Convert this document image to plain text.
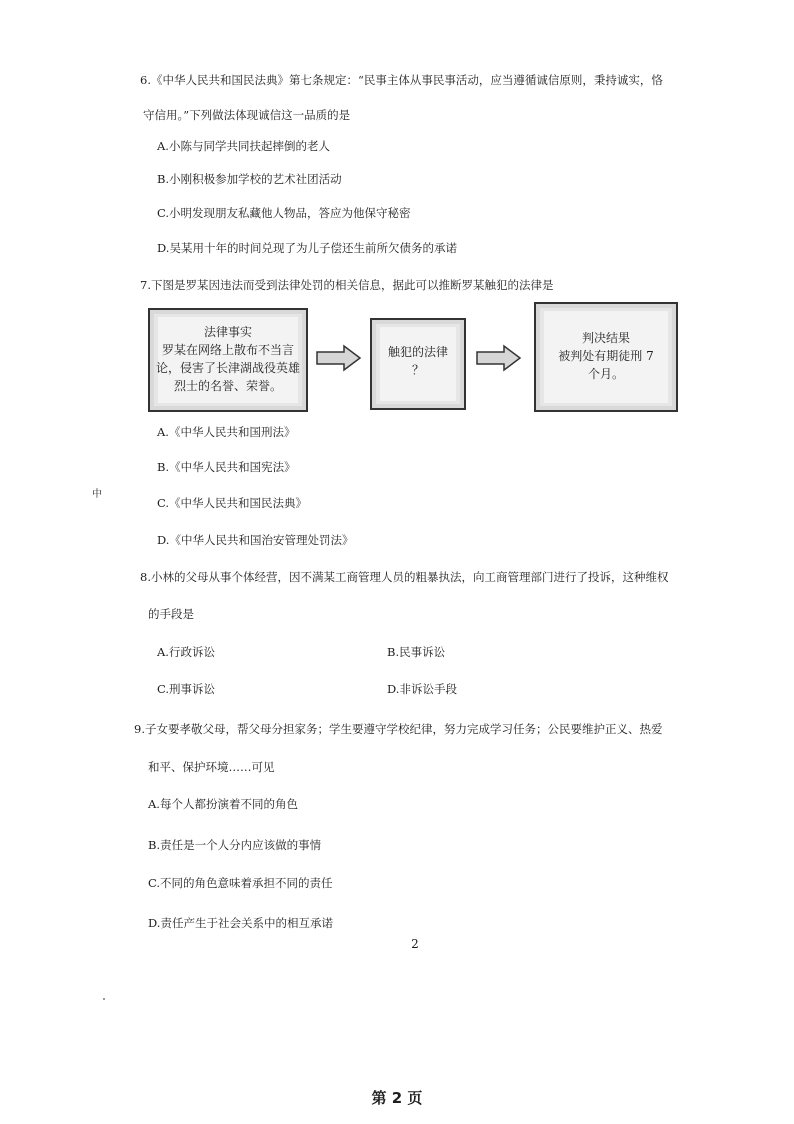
6.《中华人民共和国民法典》第七条规定：“民事主体从事民事活动，应当遵循诚信原则，秉持诚实，恪
守信用。”下列做法体现诚信这一品质的是
A.小陈与同学共同扶起摔倒的老人
B.小刚积极参加学校的艺术社团活动
C.小明发现朋友私藏他人物品，答应为他保守秘密
D.吴某用十年的时间兑现了为儿子偿还生前所欠债务的承诺
7.下图是罗某因违法而受到法律处罚的相关信息，据此可以推断罗某触犯的法律是
法律事实
罗某在网络上散布不当言
论，侵害了长津湖战役英雄
烈士的名誉、荣誉。
触犯的法律
？
判决结果
被判处有期徒刑 7
个月。
A.《中华人民共和国刑法》
B.《中华人民共和国宪法》
中
C.《中华人民共和国民法典》
D.《中华人民共和国治安管理处罚法》
8.小林的父母从事个体经营，因不满某工商管理人员的粗暴执法，向工商管理部门进行了投诉，这种维权
的手段是
A.行政诉讼	B.民事诉讼
C.刑事诉讼	D.非诉讼手段
9.子女要孝敬父母，帮父母分担家务；学生要遵守学校纪律，努力完成学习任务；公民要维护正义、热爱
和平、保护环境……可见
A.每个人都扮演着不同的角色
B.责任是一个人分内应该做的事情
C.不同的角色意味着承担不同的责任
D.责任产生于社会关系中的相互承诺
2
第 2 页
